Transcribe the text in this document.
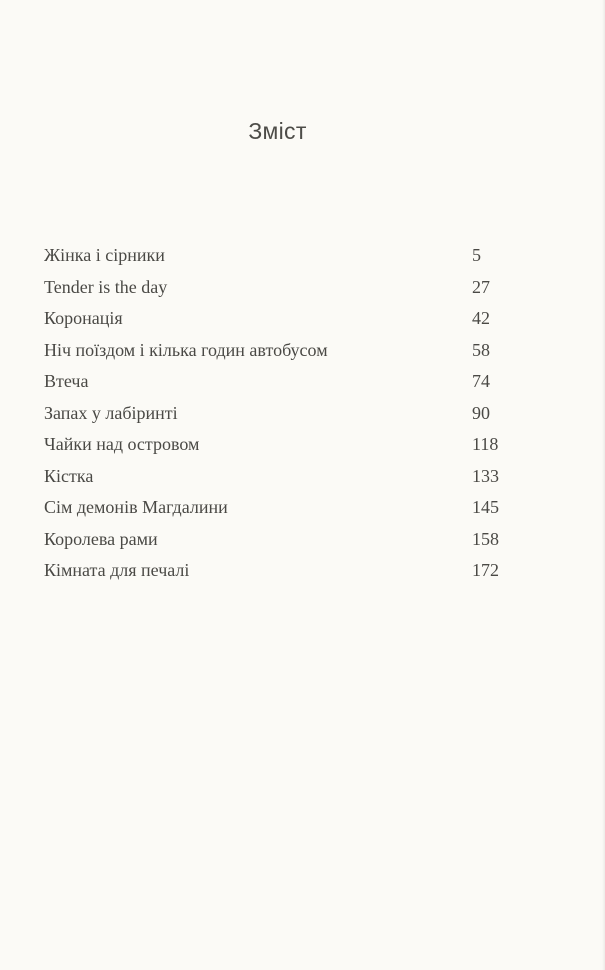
Зміст
Жінка і сірники	5
Tender is the day	27
Коронація	42
Ніч поїздом і кілька годин автобусом	58
Втеча	74
Запах у лабіринті	90
Чайки над островом	118
Кістка	133
Сім демонів Магдалини	145
Королева рами	158
Кімната для печалі	172
